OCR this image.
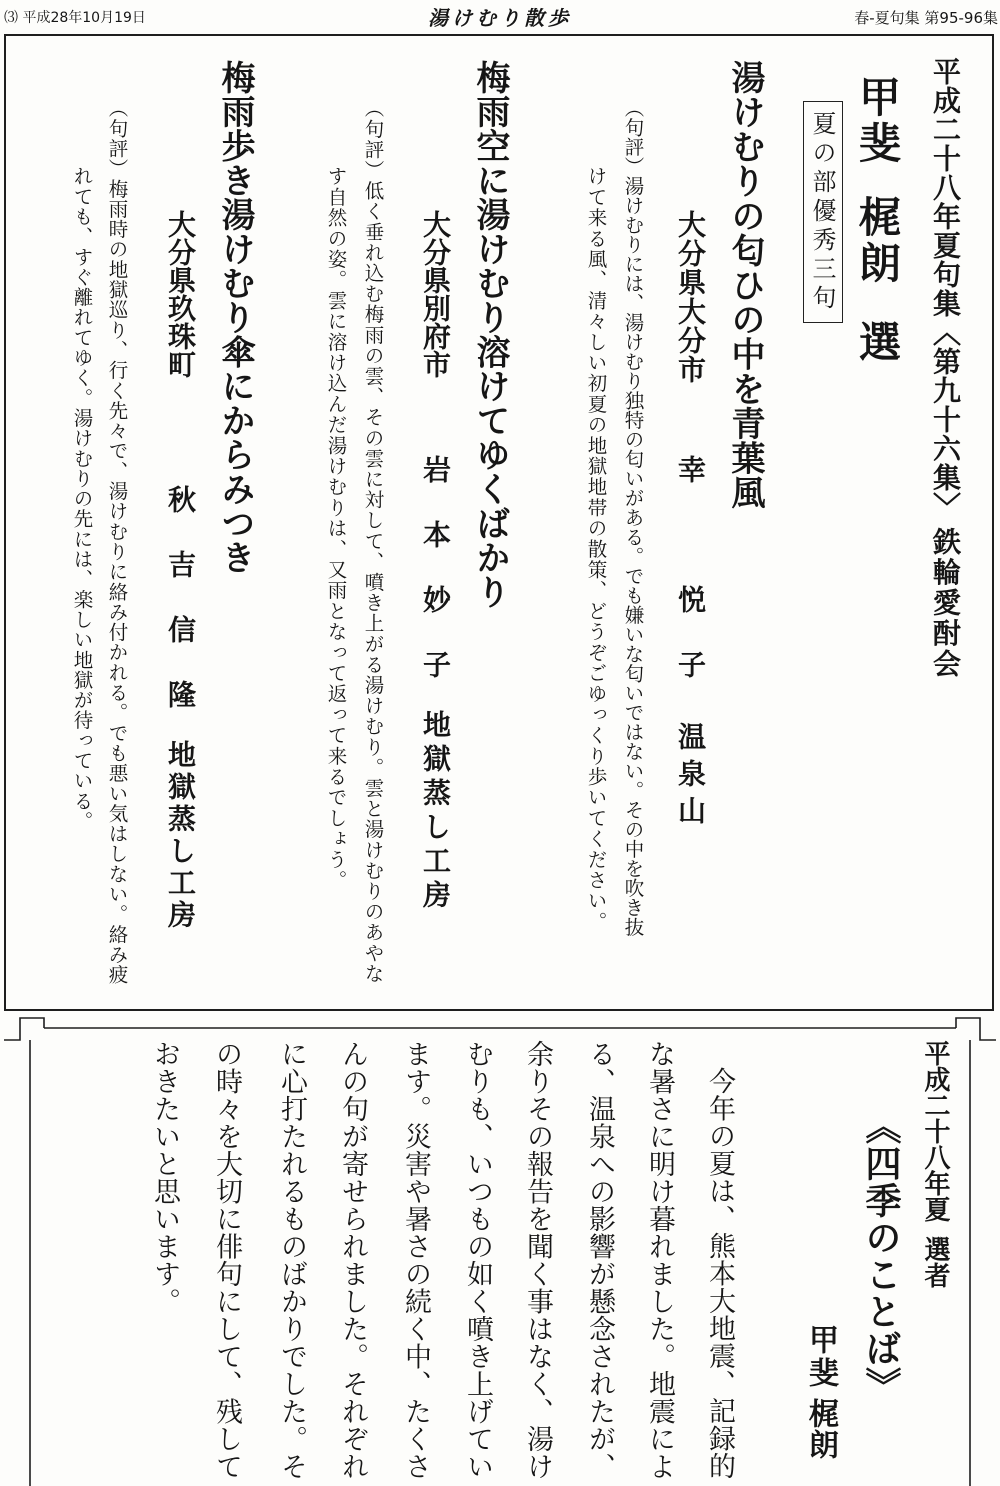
⑶ 平成28年10月19日	湯けむり散歩	春-夏句集 第95-96集
平成二十八年夏句集〈第九十六集〉
鉄輪愛酎会
甲斐
梶朗
選
夏の部優秀三句
湯けむりの匂ひの中を青葉風
大分県大分市
幸　悦子
温泉山
（句評）湯けむりには、湯けむり独特の匂いがある。でも嫌いな匂いではない。その中を吹き抜
けて来る風、清々しい初夏の地獄地帯の散策、どうぞごゆっくり歩いてください。
梅雨空に湯けむり溶けてゆくばかり
大分県別府市
岩本妙子
地獄蒸し工房
（句評）低く垂れ込む梅雨の雲、その雲に対して、噴き上がる湯けむり。雲と湯けむりのあやな
す自然の姿。雲に溶け込んだ湯けむりは、又雨となって返って来るでしょう。
梅雨歩き湯けむり傘にからみつき
大分県玖珠町
秋吉信隆
地獄蒸し工房
（句評）梅雨時の地獄巡り、行く先々で、湯けむりに絡み付かれる。でも悪い気はしない。絡み疲
れても、すぐ離れてゆく。湯けむりの先には、楽しい地獄が待っている。
平成二十八年夏
選者
《四季のことば》
甲斐
梶朗
今年の夏は、熊本大地震、記録的
な暑さに明け暮れました。地震によ
る、温泉への影響が懸念されたが、
余りその報告を聞く事はなく、湯け
むりも、いつもの如く噴き上げてい
ます。災害や暑さの続く中、たくさ
んの句が寄せられました。それぞれ
に心打たれるものばかりでした。そ
の時々を大切に俳句にして、残して
おきたいと思います。
